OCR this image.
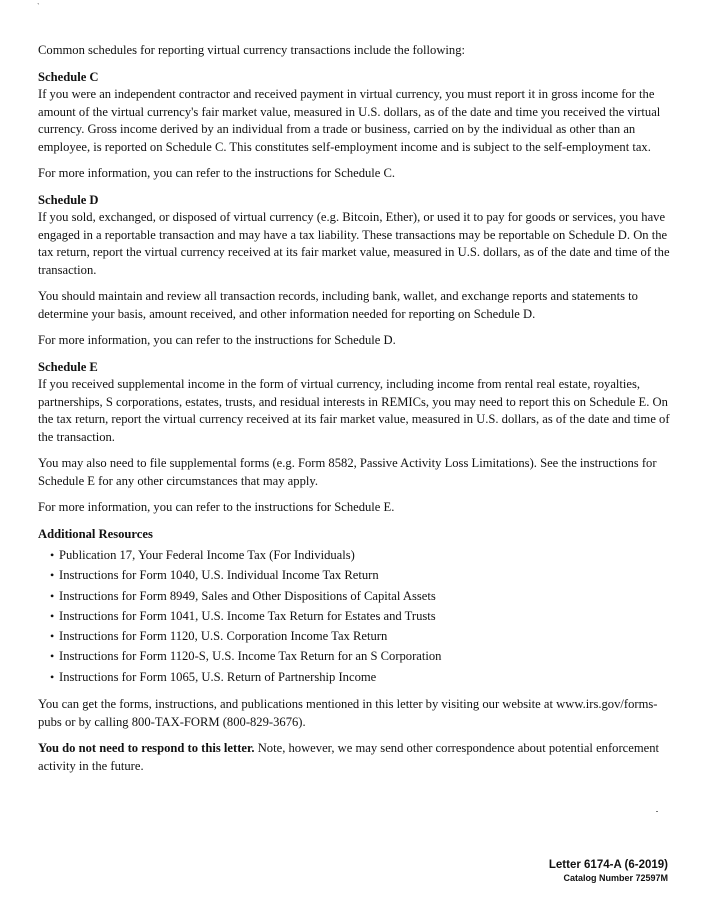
`

Common schedules for reporting virtual currency transactions include the following:

Schedule C

If you were an independent contractor and received payment in virtual currency, you must report it in gross income for the amount of the virtual currency's fair market value, measured in U.S. dollars, as of the date and time you received the virtual currency. Gross income derived by an individual from a trade or business, carried on by the individual as other than an employee, is reported on Schedule C. This constitutes self-employment income and is subject to the self-employment tax.

For more information, you can refer to the instructions for Schedule C.

Schedule D

If you sold, exchanged, or disposed of virtual currency (e.g. Bitcoin, Ether), or used it to pay for goods or services, you have engaged in a reportable transaction and may have a tax liability. These transactions may be reportable on Schedule D. On the tax return, report the virtual currency received at its fair market value, measured in U.S. dollars, as of the date and time of the transaction.

You should maintain and review all transaction records, including bank, wallet, and exchange reports and statements to determine your basis, amount received, and other information needed for reporting on Schedule D.

For more information, you can refer to the instructions for Schedule D.

Schedule E

If you received supplemental income in the form of virtual currency, including income from rental real estate, royalties, partnerships, S corporations, estates, trusts, and residual interests in REMICs, you may need to report this on Schedule E. On the tax return, report the virtual currency received at its fair market value, measured in U.S. dollars, as of the date and time of the transaction.

You may also need to file supplemental forms (e.g. Form 8582, Passive Activity Loss Limitations). See the instructions for Schedule E for any other circumstances that may apply.

For more information, you can refer to the instructions for Schedule E.

Additional Resources

• Publication 17, Your Federal Income Tax (For Individuals)
• Instructions for Form 1040, U.S. Individual Income Tax Return
• Instructions for Form 8949, Sales and Other Dispositions of Capital Assets
• Instructions for Form 1041, U.S. Income Tax Return for Estates and Trusts
• Instructions for Form 1120, U.S. Corporation Income Tax Return
• Instructions for Form 1120-S, U.S. Income Tax Return for an S Corporation
• Instructions for Form 1065, U.S. Return of Partnership Income

You can get the forms, instructions, and publications mentioned in this letter by visiting our website at www.irs.gov/forms-pubs or by calling 800-TAX-FORM (800-829-3676).

You do not need to respond to this letter. Note, however, we may send other correspondence about potential enforcement activity in the future.

Letter 6174-A (6-2019)
Catalog Number 72597M
